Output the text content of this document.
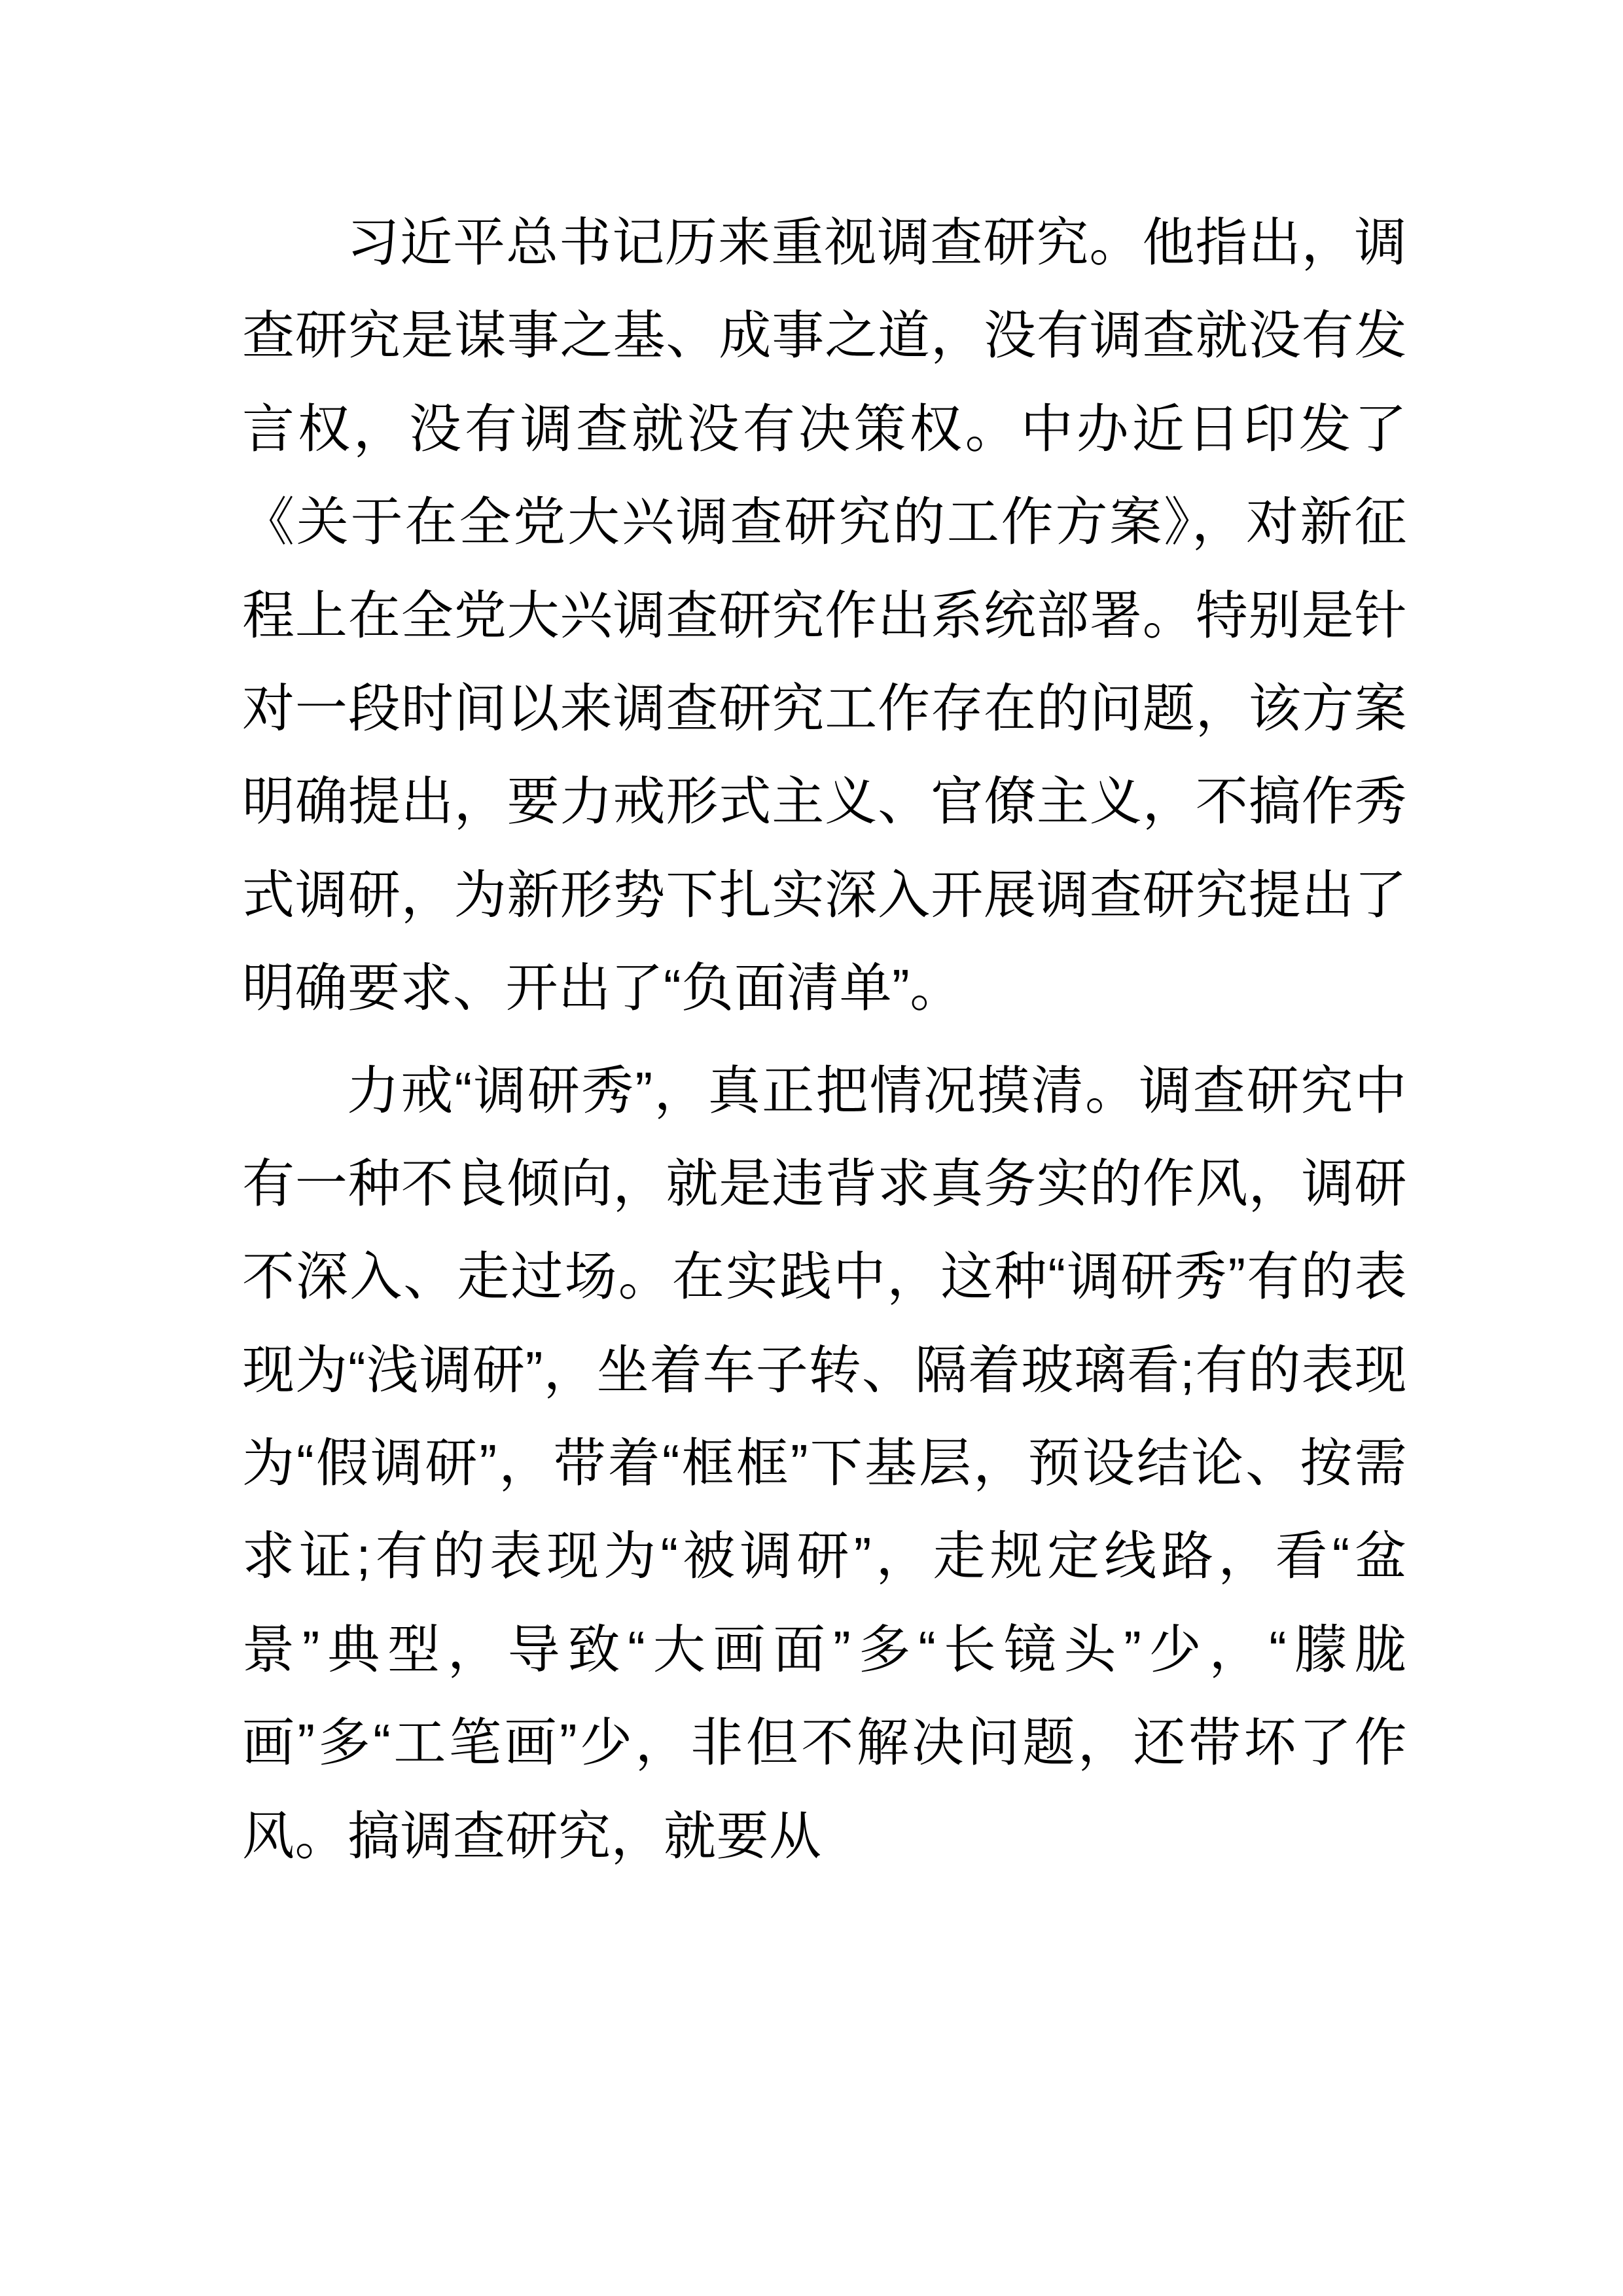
习近平总书记历来重视调查研究。他指出，调查研究是谋事之基、成事之道，没有调查就没有发言权，没有调查就没有决策权。中办近日印发了《关于在全党大兴调查研究的工作方案》，对新征程上在全党大兴调查研究作出系统部署。特别是针对一段时间以来调查研究工作存在的问题，该方案明确提出，要力戒形式主义、官僚主义，不搞作秀式调研，为新形势下扎实深入开展调查研究提出了明确要求、开出了“负面清单”。

力戒“调研秀”，真正把情况摸清。调查研究中有一种不良倾向，就是违背求真务实的作风，调研不深入、走过场。在实践中，这种“调研秀”有的表现为“浅调研”，坐着车子转、隔着玻璃看;有的表现为“假调研”，带着“框框”下基层，预设结论、按需求证;有的表现为“被调研”，走规定线路，看“盆景”典型，导致“大画面”多“长镜头”少，“朦胧画”多“工笔画”少，非但不解决问题，还带坏了作风。搞调查研究，就要从
